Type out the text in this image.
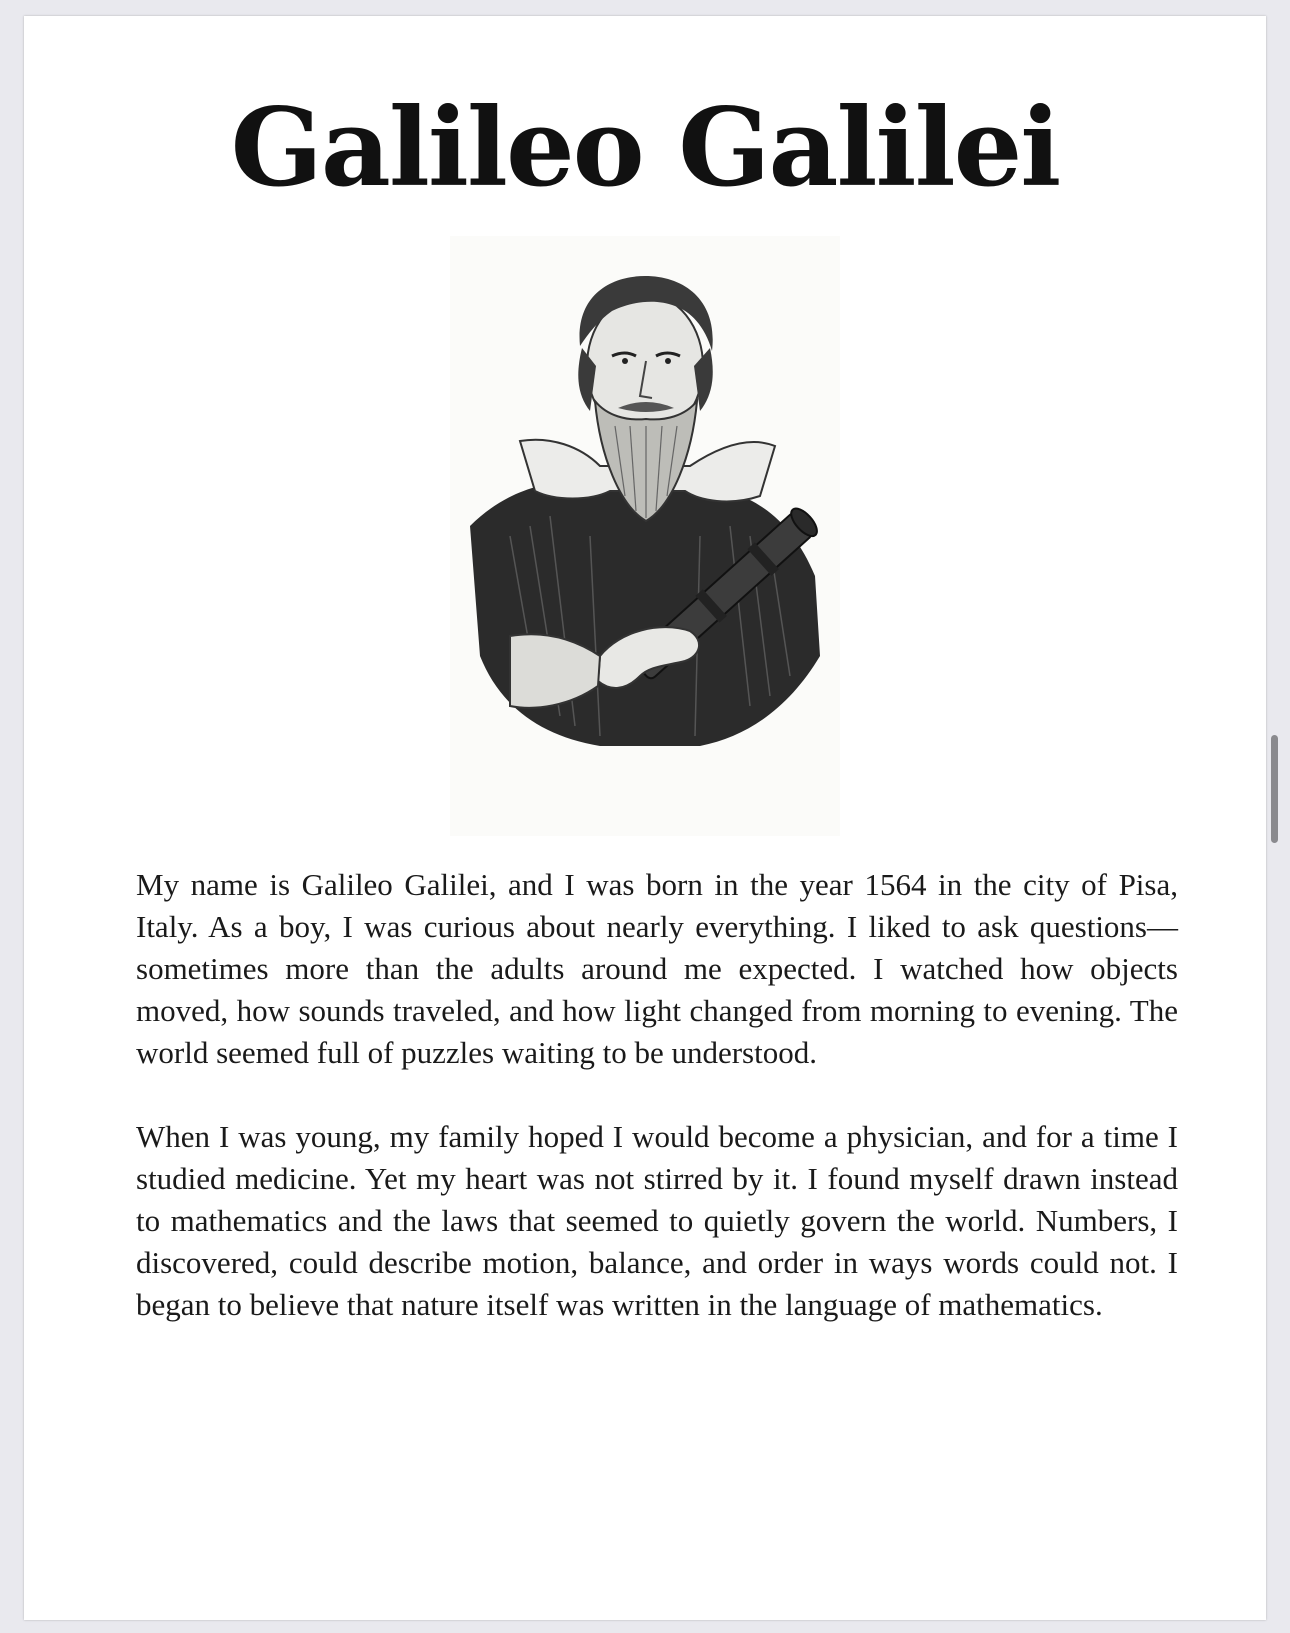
Galileo Galilei

My name is Galileo Galilei, and I was born in the year 1564 in the city of Pisa, Italy. As a boy, I was curious about nearly everything. I liked to ask questions—sometimes more than the adults around me expected. I watched how objects moved, how sounds traveled, and how light changed from morning to evening. The world seemed full of puzzles waiting to be understood.

When I was young, my family hoped I would become a physician, and for a time I studied medicine. Yet my heart was not stirred by it. I found myself drawn instead to mathematics and the laws that seemed to quietly govern the world. Numbers, I discovered, could describe motion, balance, and order in ways words could not. I began to believe that nature itself was written in the language of mathematics.
